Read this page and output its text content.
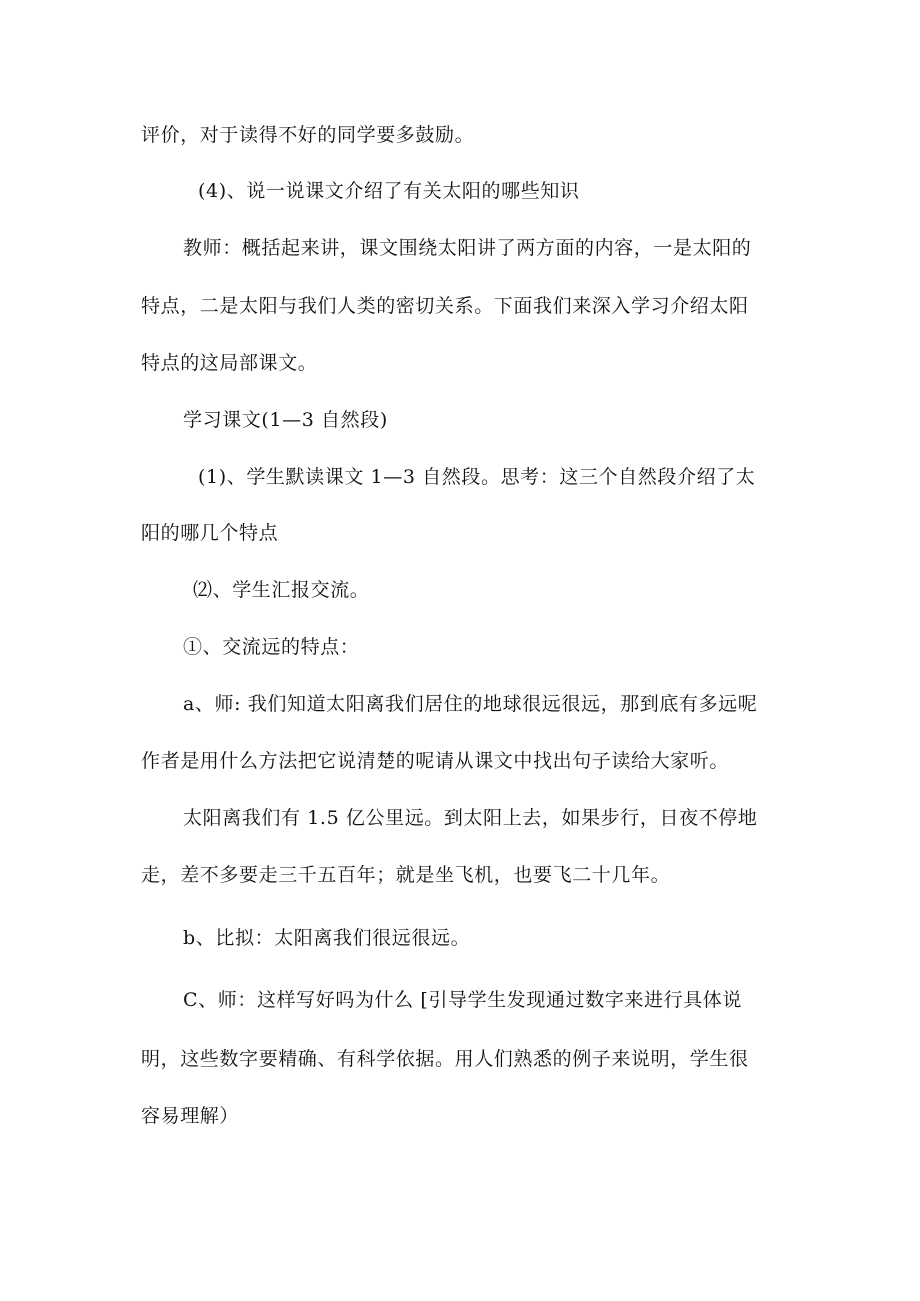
评价，对于读得不好的同学要多鼓励。
(4)、说一说课文介绍了有关太阳的哪些知识
教师：概括起来讲，课文围绕太阳讲了两方面的内容，一是太阳的
特点，二是太阳与我们人类的密切关系。下面我们来深入学习介绍太阳
特点的这局部课文。
学习课文(1—3 自然段)
(1)、学生默读课文 1—3 自然段。思考：这三个自然段介绍了太
阳的哪几个特点
⑵、学生汇报交流。
①、交流远的特点：
a、师: 我们知道太阳离我们居住的地球很远很远，那到底有多远呢
作者是用什么方法把它说清楚的呢请从课文中找出句子读给大家听。
太阳离我们有 1.5 亿公里远。到太阳上去，如果步行，日夜不停地
走，差不多要走三千五百年；就是坐飞机，也要飞二十几年。
b、比拟：太阳离我们很远很远。
C、师：这样写好吗为什么 [引导学生发现通过数字来进行具体说
明，这些数字要精确、有科学依据。用人们熟悉的例子来说明，学生很
容易理解）
